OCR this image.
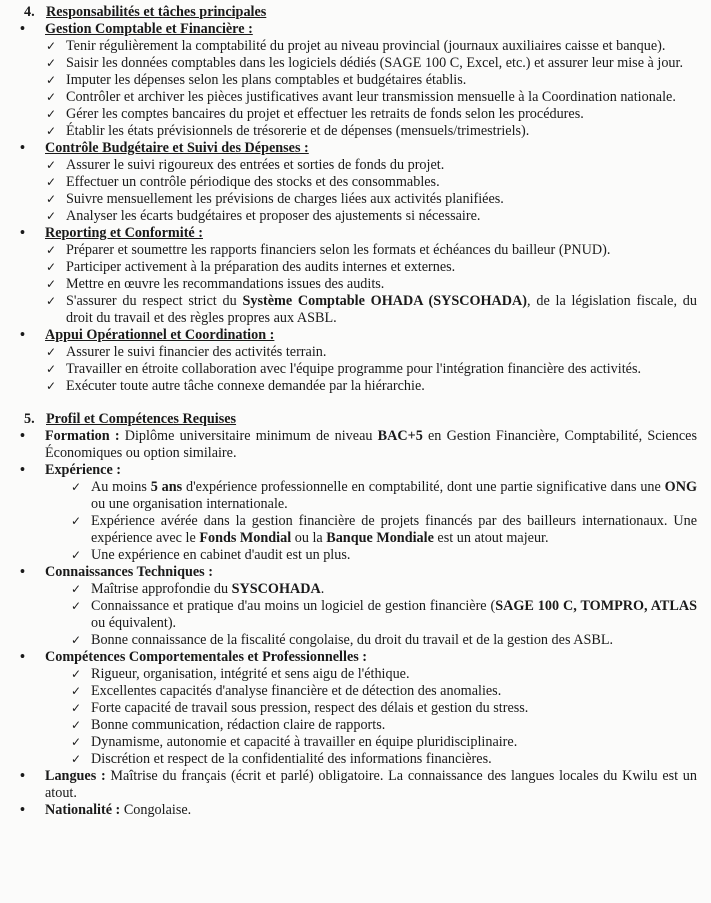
4. Responsabilités et tâches principales
• Gestion Comptable et Financière :
✓ Tenir régulièrement la comptabilité du projet au niveau provincial (journaux auxiliaires caisse et banque).
✓ Saisir les données comptables dans les logiciels dédiés (SAGE 100 C, Excel, etc.) et assurer leur mise à jour.
✓ Imputer les dépenses selon les plans comptables et budgétaires établis.
✓ Contrôler et archiver les pièces justificatives avant leur transmission mensuelle à la Coordination nationale.
✓ Gérer les comptes bancaires du projet et effectuer les retraits de fonds selon les procédures.
✓ Établir les états prévisionnels de trésorerie et de dépenses (mensuels/trimestriels).
• Contrôle Budgétaire et Suivi des Dépenses :
✓ Assurer le suivi rigoureux des entrées et sorties de fonds du projet.
✓ Effectuer un contrôle périodique des stocks et des consommables.
✓ Suivre mensuellement les prévisions de charges liées aux activités planifiées.
✓ Analyser les écarts budgétaires et proposer des ajustements si nécessaire.
• Reporting et Conformité :
✓ Préparer et soumettre les rapports financiers selon les formats et échéances du bailleur (PNUD).
✓ Participer activement à la préparation des audits internes et externes.
✓ Mettre en œuvre les recommandations issues des audits.
✓ S'assurer du respect strict du Système Comptable OHADA (SYSCOHADA), de la législation fiscale, du droit du travail et des règles propres aux ASBL.
• Appui Opérationnel et Coordination :
✓ Assurer le suivi financier des activités terrain.
✓ Travailler en étroite collaboration avec l'équipe programme pour l'intégration financière des activités.
✓ Exécuter toute autre tâche connexe demandée par la hiérarchie.
5. Profil et Compétences Requises
• Formation : Diplôme universitaire minimum de niveau BAC+5 en Gestion Financière, Comptabilité, Sciences Économiques ou option similaire.
• Expérience :
✓ Au moins 5 ans d'expérience professionnelle en comptabilité, dont une partie significative dans une ONG ou une organisation internationale.
✓ Expérience avérée dans la gestion financière de projets financés par des bailleurs internationaux. Une expérience avec le Fonds Mondial ou la Banque Mondiale est un atout majeur.
✓ Une expérience en cabinet d'audit est un plus.
• Connaissances Techniques :
✓ Maîtrise approfondie du SYSCOHADA.
✓ Connaissance et pratique d'au moins un logiciel de gestion financière (SAGE 100 C, TOMPRO, ATLAS ou équivalent).
✓ Bonne connaissance de la fiscalité congolaise, du droit du travail et de la gestion des ASBL.
• Compétences Comportementales et Professionnelles :
✓ Rigueur, organisation, intégrité et sens aigu de l'éthique.
✓ Excellentes capacités d'analyse financière et de détection des anomalies.
✓ Forte capacité de travail sous pression, respect des délais et gestion du stress.
✓ Bonne communication, rédaction claire de rapports.
✓ Dynamisme, autonomie et capacité à travailler en équipe pluridisciplinaire.
✓ Discrétion et respect de la confidentialité des informations financières.
• Langues : Maîtrise du français (écrit et parlé) obligatoire. La connaissance des langues locales du Kwilu est un atout.
• Nationalité : Congolaise.
